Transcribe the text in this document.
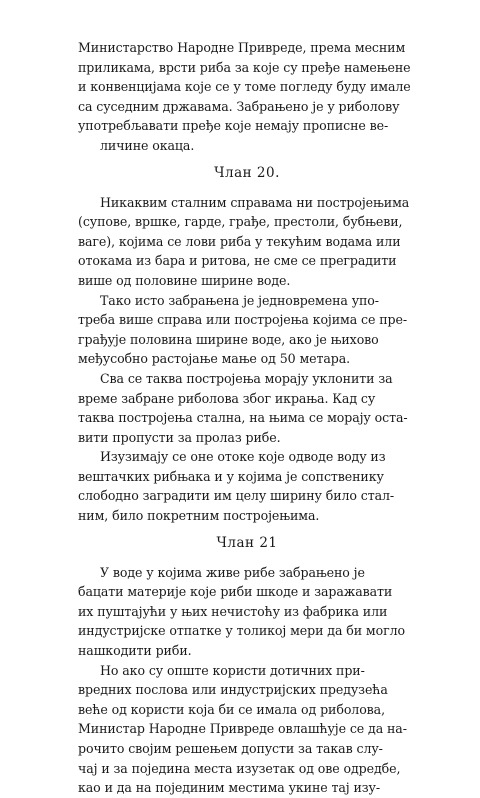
Министарство Народне Привреде, према месним
приликама, врсти риба за које су пређе намењене
и конвенцијама које се у томе погледу буду имале
са суседним државама. Забрањено је у риболову
употребљавати пређе које немају прописне ве-
личине окаца.
Члан 20.
Никаквим сталним справама ни постројењима
(супове, вршке, гарде, грађе, престоли, бубњеви,
ваге), којима се лови риба у текућим водама или
отокама из бара и ритова, не сме се преградити
више од половине ширине воде.
Тако исто забрањена је једновремена упо-
треба више справа или постројења којима се пре-
грађује половина ширине воде, ако је њихово
међусобно растојање мање од 50 метара.
Сва се таква постројења морају уклонити за
време забране риболова због икрања. Кад су
таква постројења стална, на њима се морају оста-
вити пропусти за пролаз рибе.
Изузимају се оне отоке које одводе воду из
вештачких рибњака и у којима је сопственику
слободно заградити им целу ширину било стал-
ним, било покретним постројењима.
Члан 21
У воде у којима живе рибе забрањено је
бацати материје које риби шкоде и заражавати
их пуштајући у њих нечистоћу из фабрика или
индустријске отпатке у толикој мери да би могло
нашкодити риби.
Но ако су опште користи дотичних при-
вредних послова или индустријских предузећа
веће од користи која би се имала од риболова,
Министар Народне Привреде овлашћује се да на-
рочито својим решењем допусти за такав слу-
чај и за поједина места изузетак од ове одредбе,
као и да на појединим местима укине тај изу-
